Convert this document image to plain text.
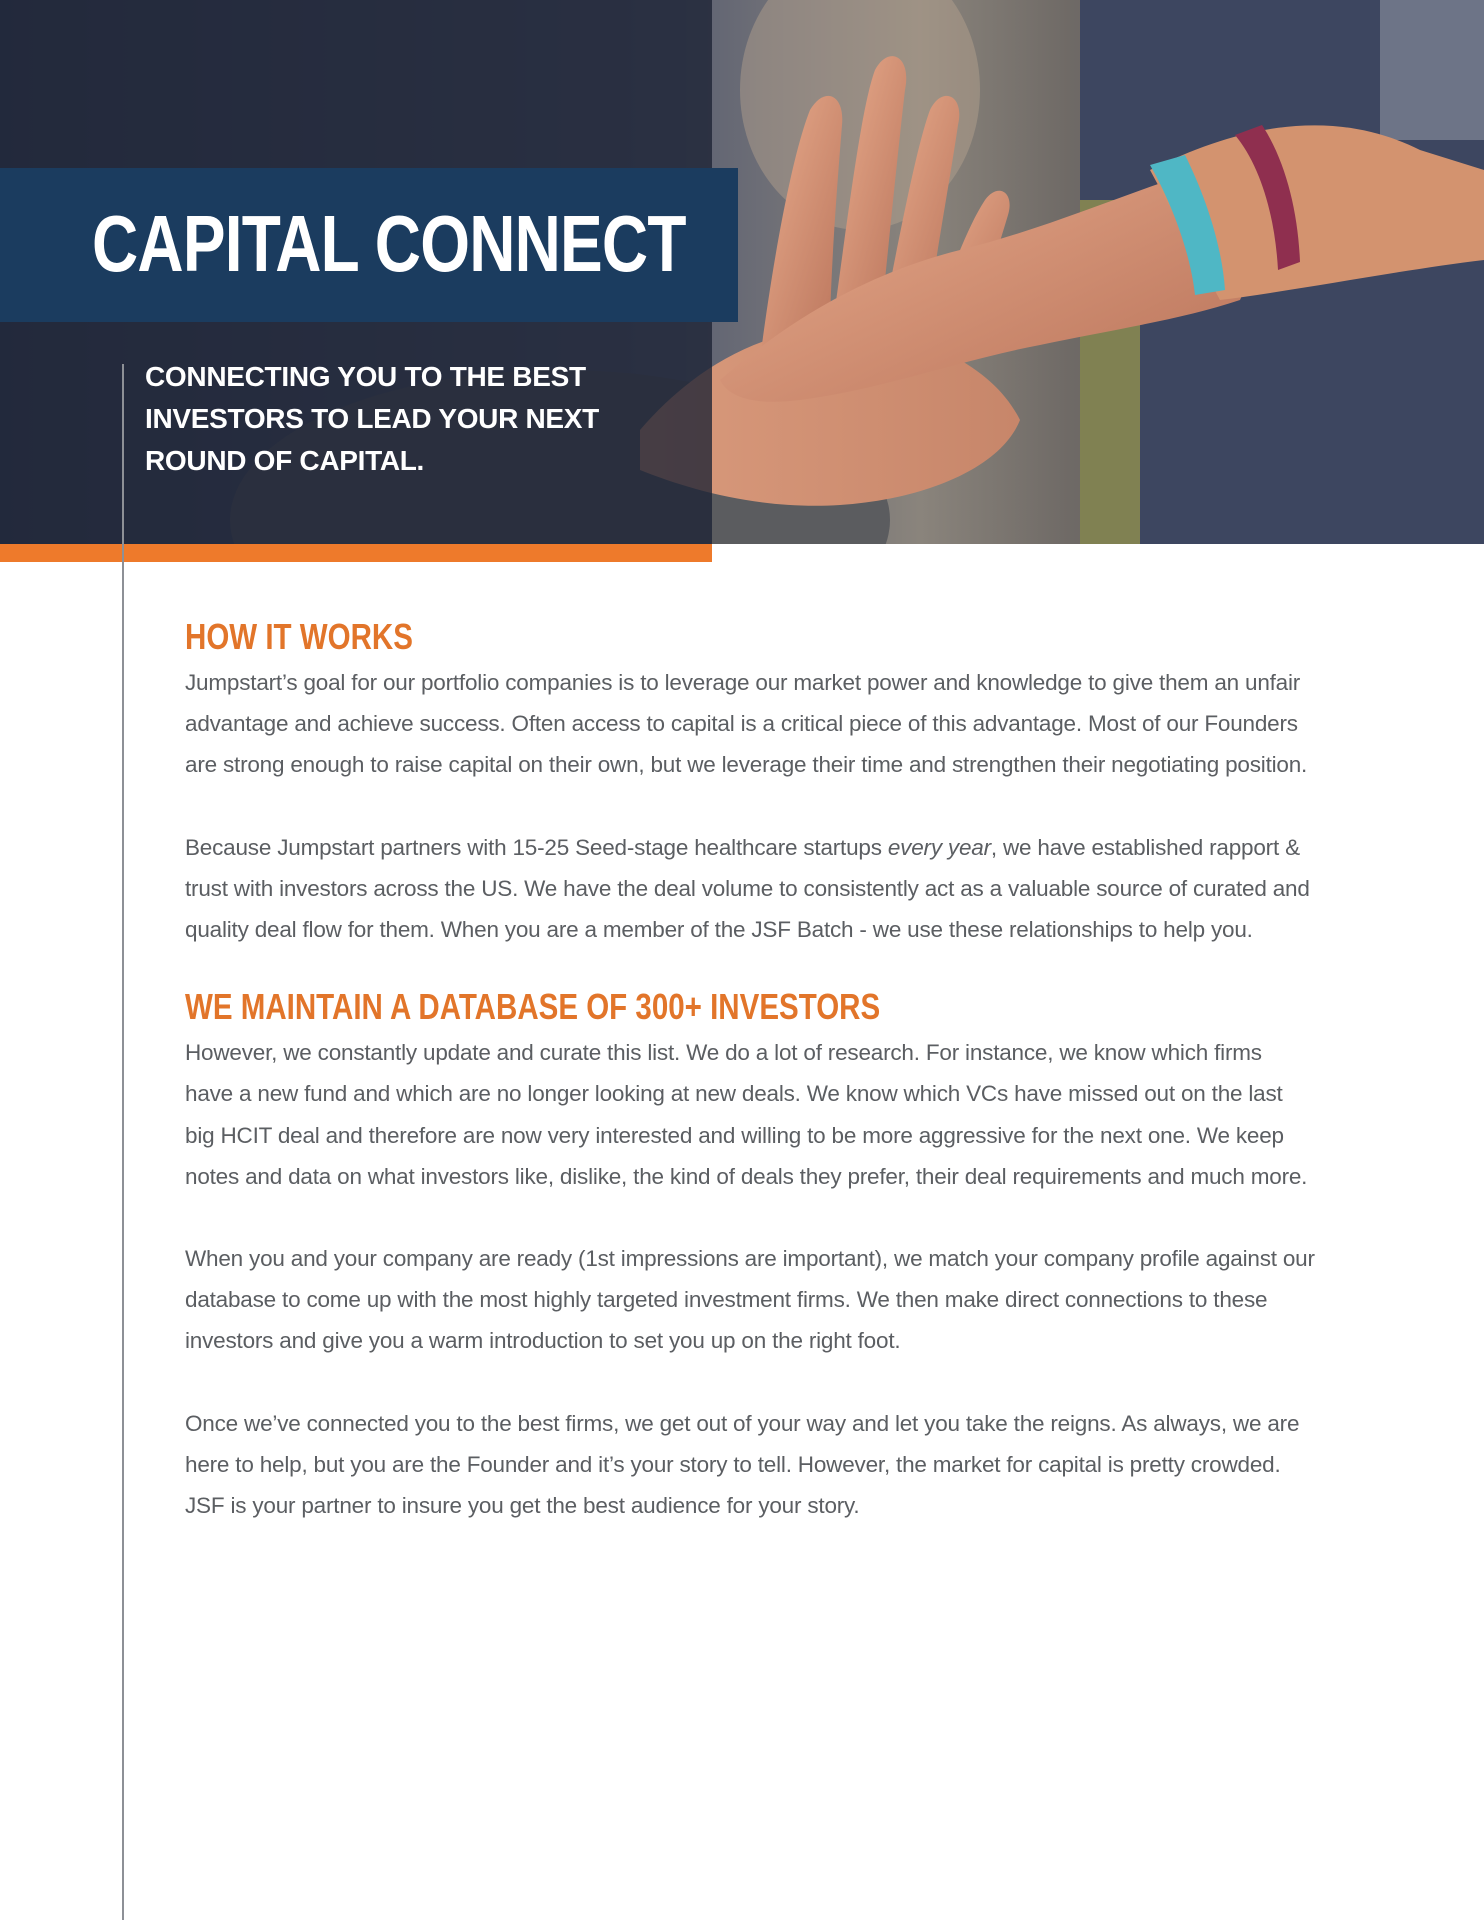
CAPITAL CONNECT

CONNECTING YOU TO THE BEST INVESTORS TO LEAD YOUR NEXT ROUND OF CAPITAL.

HOW IT WORKS

Jumpstart’s goal for our portfolio companies is to leverage our market power and knowledge to give them an unfair advantage and achieve success. Often access to capital is a critical piece of this advantage. Most of our Founders are strong enough to raise capital on their own, but we leverage their time and strengthen their negotiating position.

Because Jumpstart partners with 15-25 Seed-stage healthcare startups every year, we have established rapport & trust with investors across the US. We have the deal volume to consistently act as a valuable source of curated and quality deal flow for them. When you are a member of the JSF Batch - we use these relationships to help you.

WE MAINTAIN A DATABASE OF 300+ INVESTORS

However, we constantly update and curate this list. We do a lot of research. For instance, we know which firms have a new fund and which are no longer looking at new deals. We know which VCs have missed out on the last big HCIT deal and therefore are now very interested and willing to be more aggressive for the next one. We keep notes and data on what investors like, dislike, the kind of deals they prefer, their deal requirements and much more.

When you and your company are ready (1st impressions are important), we match your company profile against our database to come up with the most highly targeted investment firms. We then make direct connections to these investors and give you a warm introduction to set you up on the right foot.

Once we’ve connected you to the best firms, we get out of your way and let you take the reigns. As always, we are here to help, but you are the Founder and it’s your story to tell. However, the market for capital is pretty crowded. JSF is your partner to insure you get the best audience for your story.
